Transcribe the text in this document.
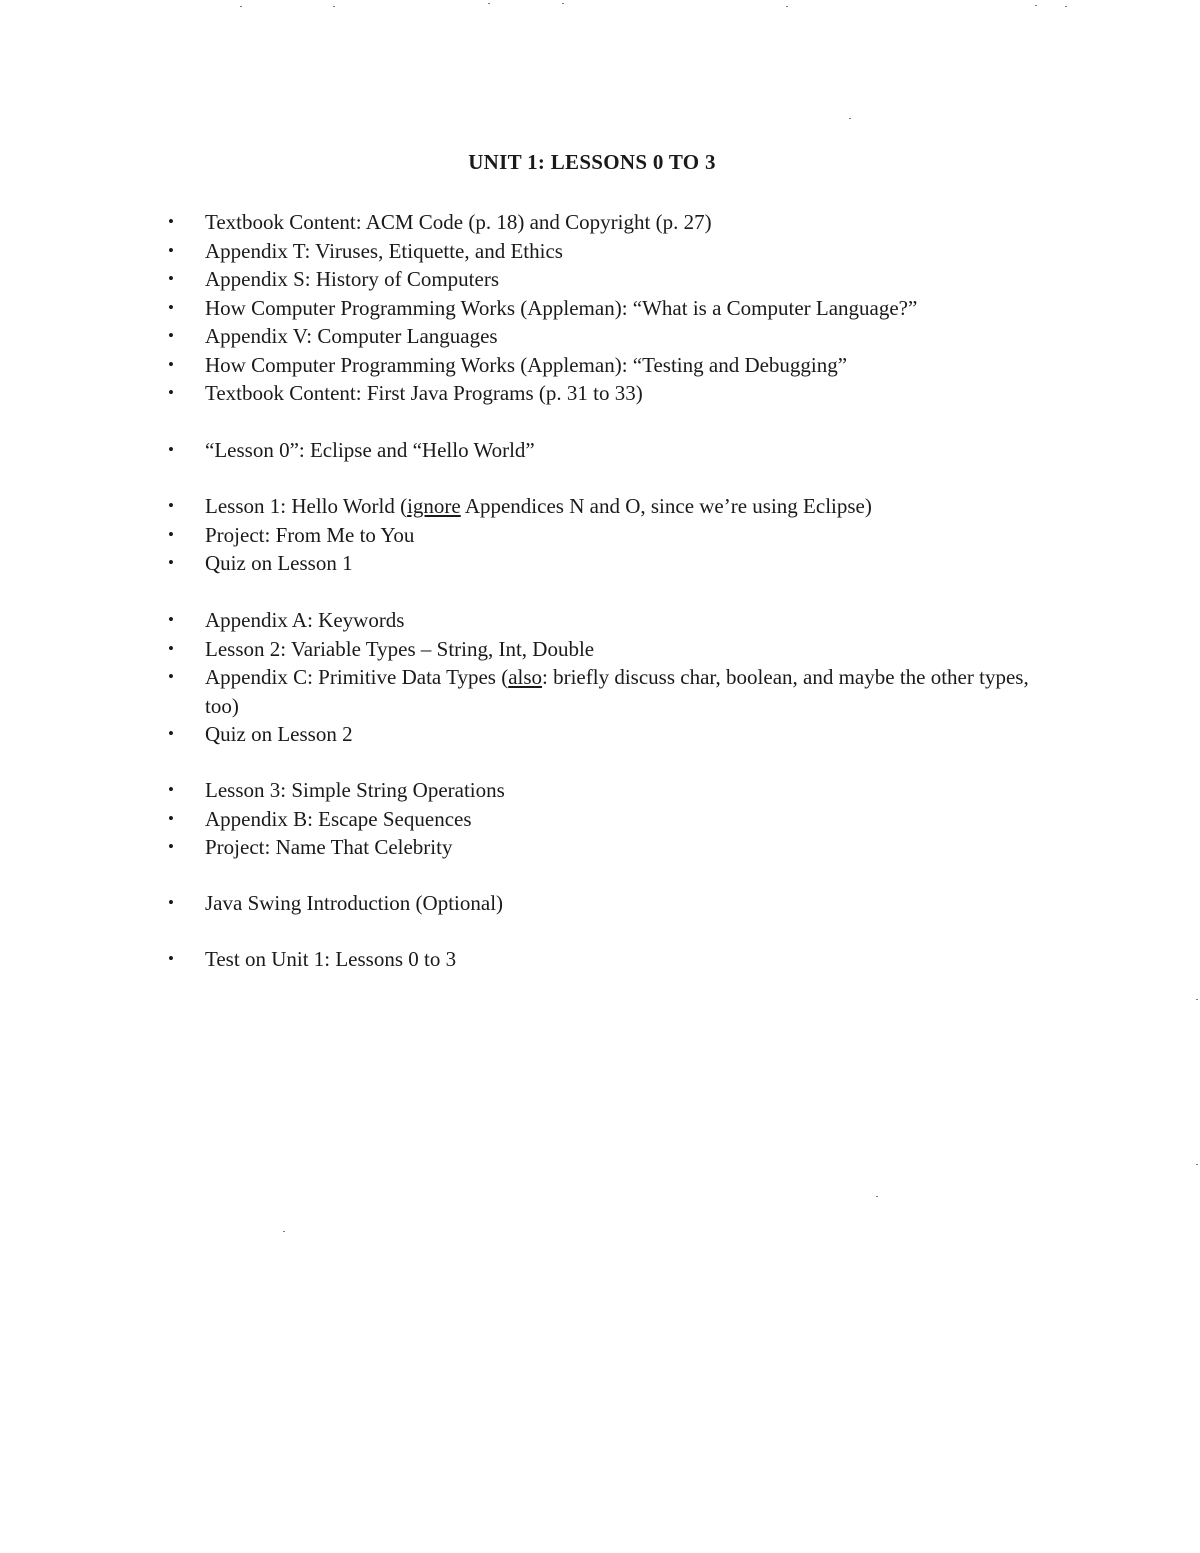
UNIT 1: LESSONS 0 TO 3
• Textbook Content: ACM Code (p. 18) and Copyright (p. 27)
• Appendix T: Viruses, Etiquette, and Ethics
• Appendix S: History of Computers
• How Computer Programming Works (Appleman): “What is a Computer Language?”
• Appendix V: Computer Languages
• How Computer Programming Works (Appleman): “Testing and Debugging”
• Textbook Content: First Java Programs (p. 31 to 33)
• “Lesson 0”: Eclipse and “Hello World”
• Lesson 1: Hello World (ignore Appendices N and O, since we’re using Eclipse)
• Project: From Me to You
• Quiz on Lesson 1
• Appendix A: Keywords
• Lesson 2: Variable Types – String, Int, Double
• Appendix C: Primitive Data Types (also: briefly discuss char, boolean, and maybe the other types, too)
• Quiz on Lesson 2
• Lesson 3: Simple String Operations
• Appendix B: Escape Sequences
• Project: Name That Celebrity
• Java Swing Introduction (Optional)
• Test on Unit 1: Lessons 0 to 3
